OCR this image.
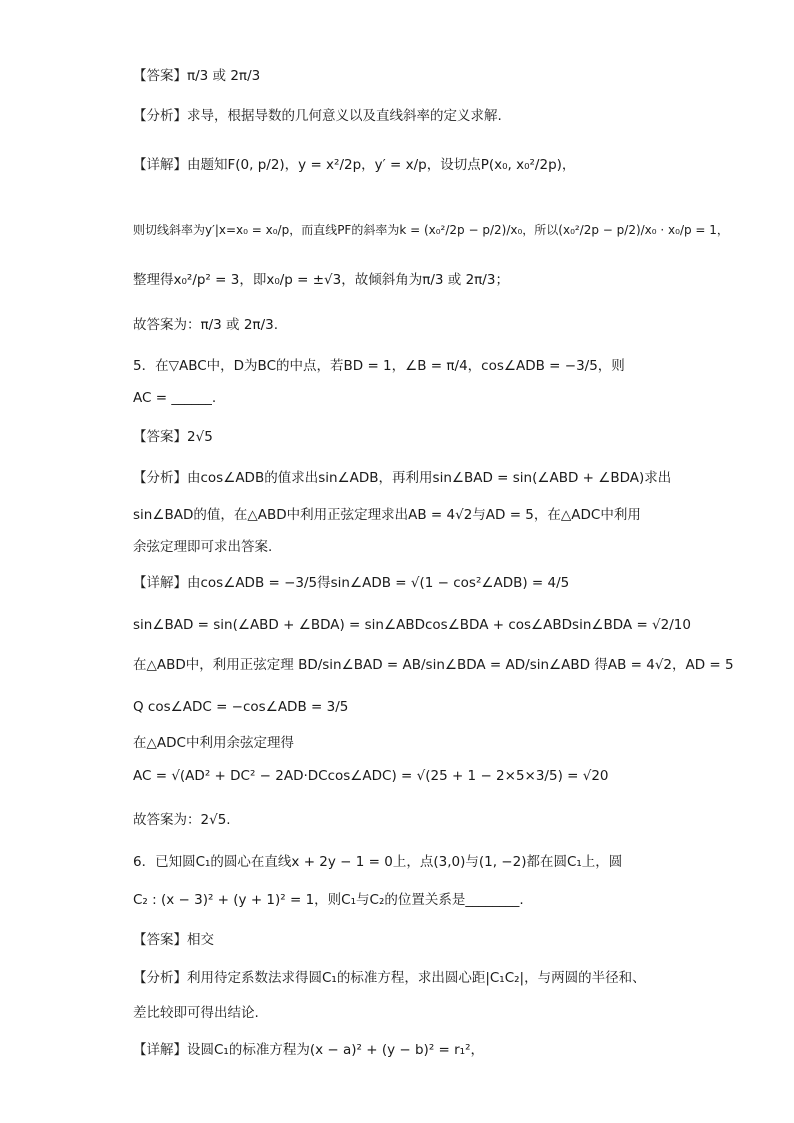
【答案】π/3 或 2π/3
【分析】求导，根据导数的几何意义以及直线斜率的定义求解.
【详解】由题知F(0, p/2)，y = x²/2p，y′ = x/p，设切点P(x₀, x₀²/2p)，
则切线斜率为y′|x=x₀ = x₀/p，而直线PF的斜率为k = (x₀²/2p − p/2)/x₀，所以(x₀²/2p − p/2)/x₀ · x₀/p = 1，
整理得x₀²/p² = 3，即x₀/p = ±√3，故倾斜角为π/3 或 2π/3；
故答案为：π/3 或 2π/3.
5．在▽ABC中，D为BC的中点，若BD = 1，∠B = π/4，cos∠ADB = −3/5，则
AC = ______.
【答案】2√5
【分析】由cos∠ADB的值求出sin∠ADB，再利用sin∠BAD = sin(∠ABD + ∠BDA)求出
sin∠BAD的值，在△ABD中利用正弦定理求出AB = 4√2与AD = 5，在△ADC中利用
余弦定理即可求出答案.
【详解】由cos∠ADB = −3/5得sin∠ADB = √(1 − cos²∠ADB) = 4/5
sin∠BAD = sin(∠ABD + ∠BDA) = sin∠ABDcos∠BDA + cos∠ABDsin∠BDA = √2/10
在△ABD中，利用正弦定理 BD/sin∠BAD = AB/sin∠BDA = AD/sin∠ABD 得AB = 4√2，AD = 5
Q cos∠ADC = −cos∠ADB = 3/5
在△ADC中利用余弦定理得
AC = √(AD² + DC² − 2AD·DCcos∠ADC) = √(25 + 1 − 2×5×3/5) = √20
故答案为：2√5.
6．已知圆C₁的圆心在直线x + 2y − 1 = 0上，点(3,0)与(1, −2)都在圆C₁上，圆
C₂ : (x − 3)² + (y + 1)² = 1，则C₁与C₂的位置关系是________.
【答案】相交
【分析】利用待定系数法求得圆C₁的标准方程，求出圆心距|C₁C₂|，与两圆的半径和、
差比较即可得出结论.
【详解】设圆C₁的标准方程为(x − a)² + (y − b)² = r₁²，
